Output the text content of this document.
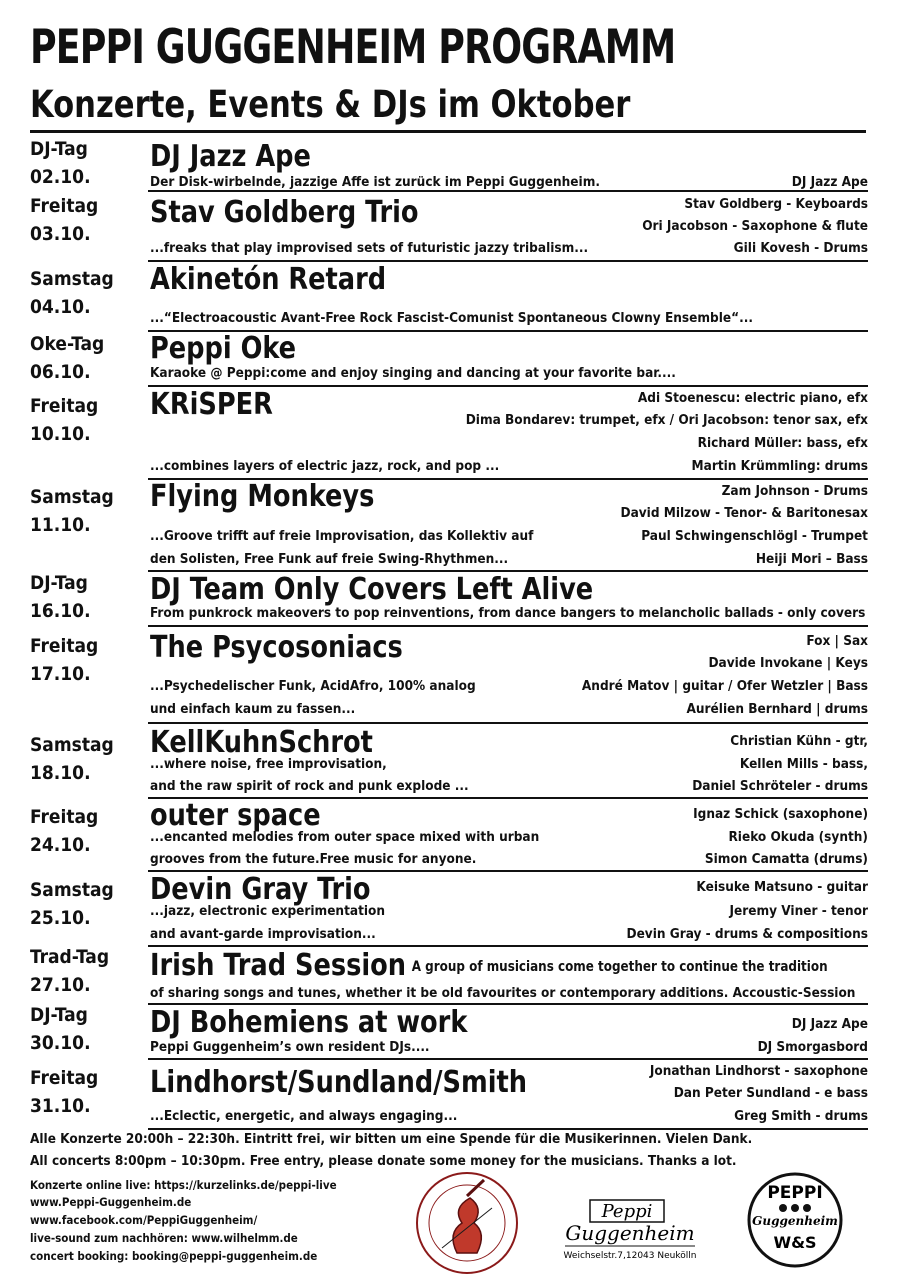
PEPPI GUGGENHEIM PROGRAMM
Konzerte, Events & DJs im Oktober
DJ-Tag
02.10.
DJ Jazz Ape
Der Disk-wirbelnde, jazzige Affe ist zurück im Peppi Guggenheim.	DJ Jazz Ape
Freitag
03.10.
Stav Goldberg Trio
...freaks that play improvised sets of futuristic jazzy tribalism...
Stav Goldberg - Keyboards
Ori Jacobson - Saxophone & flute
Gili Kovesh - Drums
Samstag
04.10.
Akinetón Retard
...“Electroacoustic Avant-Free Rock Fascist-Comunist Spontaneous Clowny Ensemble“...
Oke-Tag
06.10.
Peppi Oke
Karaoke @ Peppi:come and enjoy singing and dancing at your favorite bar....
Freitag
10.10.
KRiSPER
...combines layers of electric jazz, rock, and pop ...
Adi Stoenescu: electric piano, efx
Dima Bondarev: trumpet, efx / Ori Jacobson: tenor sax, efx
Richard Müller: bass, efx
Martin Krümmling: drums
Samstag
11.10.
Flying Monkeys
...Groove trifft auf freie Improvisation, das Kollektiv auf
den Solisten, Free Funk auf freie Swing-Rhythmen...
Zam Johnson - Drums
David Milzow - Tenor- & Baritonesax
Paul Schwingenschlögl - Trumpet
Heiji Mori – Bass
DJ-Tag
16.10.
DJ Team Only Covers Left Alive
From punkrock makeovers to pop reinventions, from dance bangers to melancholic ballads - only covers
Freitag
17.10.
The Psycosoniacs
...Psychedelischer Funk, AcidAfro, 100% analog
und einfach kaum zu fassen...
Fox | Sax
Davide Invokane | Keys
André Matov | guitar / Ofer Wetzler | Bass
Aurélien Bernhard | drums
Samstag
18.10.
KellKuhnSchrot
...where noise, free improvisation,
and the raw spirit of rock and punk explode ...
Christian Kühn - gtr,
Kellen Mills - bass,
Daniel Schröteler - drums
Freitag
24.10.
outer space
...encanted melodies from outer space mixed with urban
grooves from the future.Free music for anyone.
Ignaz Schick (saxophone)
Rieko Okuda (synth)
Simon Camatta (drums)
Samstag
25.10.
Devin Gray Trio
...jazz, electronic experimentation
and avant-garde improvisation...
Keisuke Matsuno - guitar
Jeremy Viner - tenor
Devin Gray - drums & compositions
Trad-Tag
27.10.
Irish Trad Session A group of musicians come together to continue the tradition
of sharing songs and tunes, whether it be old favourites or contemporary additions. Accoustic-Session
DJ-Tag
30.10.
DJ Bohemiens at work
Peppi Guggenheim’s own resident DJs....
DJ Jazz Ape
DJ Smorgasbord
Freitag
31.10.
Lindhorst/Sundland/Smith
...Eclectic, energetic, and always engaging...
Jonathan Lindhorst - saxophone
Dan Peter Sundland - e bass
Greg Smith - drums
Alle Konzerte 20:00h – 22:30h. Eintritt frei, wir bitten um eine Spende für die Musikerinnen. Vielen Dank.
All concerts 8:00pm – 10:30pm. Free entry, please donate some money for the musicians. Thanks a lot.
Konzerte online live: https://kurzelinks.de/peppi-live
www.Peppi-Guggenheim.de
www.facebook.com/PeppiGuggenheim/
live-sound zum nachhören: www.wilhelmm.de
concert booking: booking@peppi-guggenheim.de
Peppi
Guggenheim
Weichselstr.7,12043 Neukölln
PEPPI
Guggenheim
W&S
